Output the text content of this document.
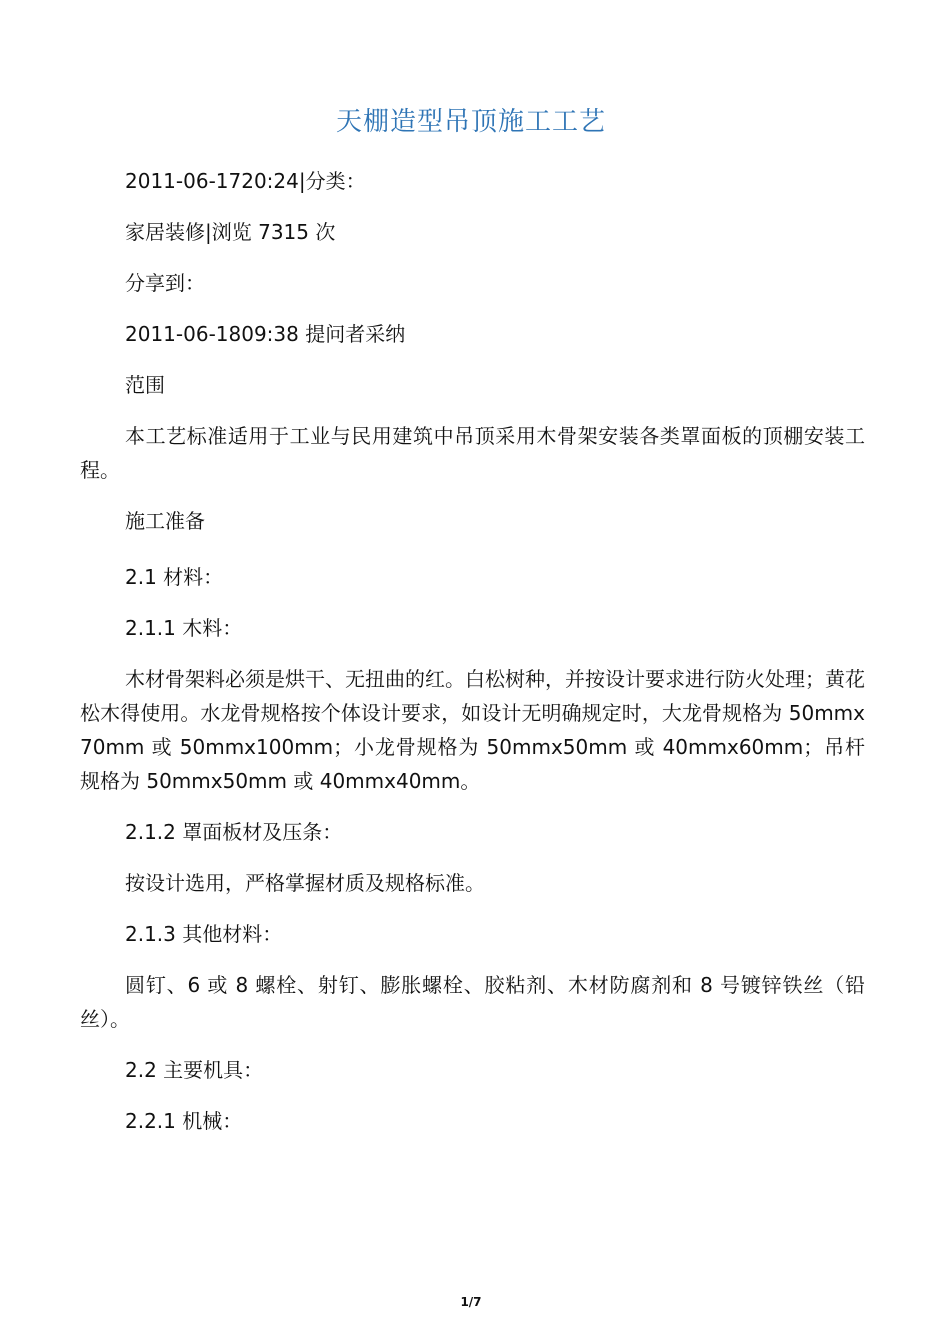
天棚造型吊顶施工工艺

2011-06-1720:24|分类：

家居装修|浏览 7315 次

分享到：

2011-06-1809:38 提问者采纳

范围

本工艺标准适用于工业与民用建筑中吊顶采用木骨架安装各类罩面板的顶棚安装工程。

施工准备

2.1 材料：

2.1.1 木料：

木材骨架料必须是烘干、无扭曲的红。白松树种，并按设计要求进行防火处理；黄花松木得使用。水龙骨规格按个体设计要求，如设计无明确规定时，大龙骨规格为 50mmx70mm 或 50mmx100mm；小龙骨规格为 50mmx50mm 或 40mmx60mm；吊杆规格为 50mmx50mm 或 40mmx40mm。

2.1.2 罩面板材及压条：

按设计选用，严格掌握材质及规格标准。

2.1.3 其他材料：

圆钉、6 或 8 螺栓、射钉、膨胀螺栓、胶粘剂、木材防腐剂和 8 号镀锌铁丝（铅丝）。

2.2 主要机具：

2.2.1 机械：

1/7
